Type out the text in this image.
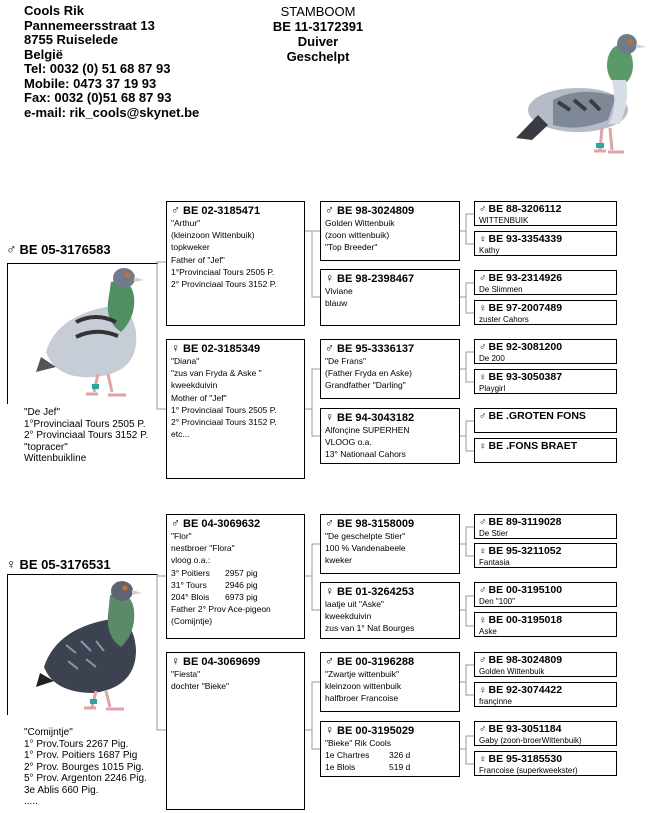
Cools Rik
Pannemeersstraat 13
8755 Ruiselede
België
Tel: 0032 (0) 51 68 87 93
Mobile: 0473 37 19 93
Fax: 0032 (0)51 68 87 93
e-mail: rik_cools@skynet.be
STAMBOOM
BE 11-3172391
Duiver
Geschelpt
♂ BE 05-3176583
"De Jef"
1°Provinciaal Tours 2505 P.
2° Provinciaal Tours 3152 P.
"topracer"
Wittenbuikline
♂ BE 02-3185471
"Arthur"
(kleinzoon Wittenbuik)
topkweker
Father of "Jef"
1°Provinciaal Tours 2505 P.
2° Provinciaal Tours 3152 P.
♀ BE 02-3185349
"Diana"
"zus van Fryda & Aske "
kweekduivin
Mother of "Jef"
1° Provinciaal Tours 2505 P.
2° Provinciaal Tours 3152 P.
etc...
♂ BE 98-3024809
Golden Wittenbuik
(zoon wittenbuik)
"Top Breeder"
♀ BE 98-2398467
Viviane
blauw
♂ BE 95-3336137
"De Frans"
(Father Fryda en Aske)
Grandfather "Darling"
♀ BE 94-3043182
Alfonçine SUPERHEN
VLOOG o.a.
13° Nationaal Cahors
♂ BE 88-3206112
WITTENBUIK
♀ BE 93-3354339
Kathy
♂ BE 93-2314926
De Slimmen
♀ BE 97-2007489
zuster Cahors
♂ BE 92-3081200
De 200
♀ BE 93-3050387
Playgirl
♂ BE .GROTEN FONS
♀ BE .FONS BRAET
♀ BE 05-3176531
"Comijntje"
1° Prov.Tours 2267 Pig.
1° Prov. Poitiers 1687 Pig
2° Prov. Bourges 1015 Pig.
5° Prov. Argenton 2246 Pig.
3e Ablis 660 Pig.
.....
♂ BE 04-3069632
"Flor"
nestbroer "Flora"
vloog o.a.:
3° Poitiers 2957 pig
31° Tours 2946 pig
204° Blois 6973 pig
Father 2° Prov Ace-pigeon
(Comijntje)
♀ BE 04-3069699
"Fiesta"
dochter "Bieke"
♂ BE 98-3158009
"De geschelpte Stier"
100 % Vandenabeele
kweker
♀ BE 01-3264253
laatje uit "Aske"
kweekduivin
zus van 1° Nat Bourges
♂ BE 00-3196288
"Zwartje wittenbuik"
kleinzoon wittenbuik
halfbroer Francoise
♀ BE 00-3195029
"Bieke" Rik Cools
1e Chartres 326 d
1e Blois	519 d
♂ BE 89-3119028
De Stier
♀ BE 95-3211052
Fantasia
♂ BE 00-3195100
Den "100"
♀ BE 00-3195018
Aske
♂ BE 98-3024809
Golden Wittenbuik
♀ BE 92-3074422
françinne
♂ BE 93-3051184
Gaby (zoon-broerWittenbuik)
♀ BE 95-3185530
Francoise (superkweekster)
